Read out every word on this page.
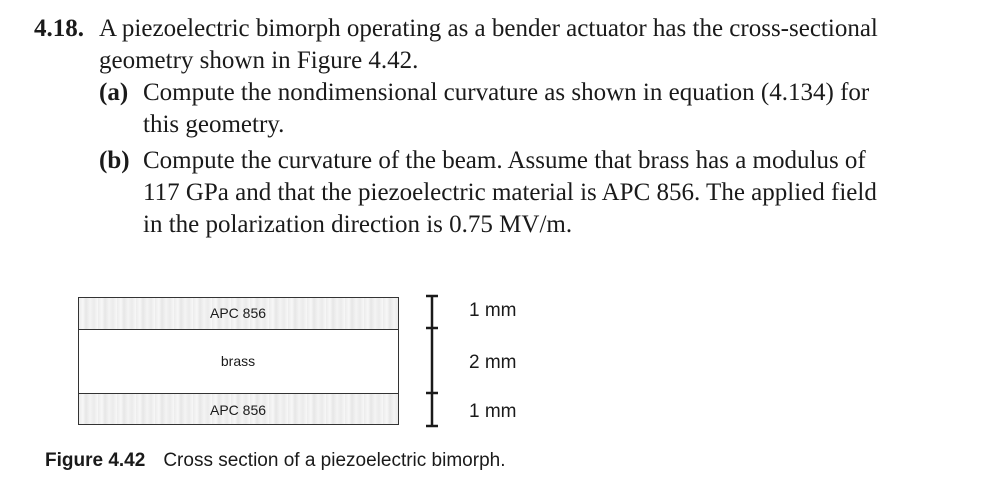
4.18. A piezoelectric bimorph operating as a bender actuator has the cross-sectional
geometry shown in Figure 4.42.
(a) Compute the nondimensional curvature as shown in equation (4.134) for
this geometry.
(b) Compute the curvature of the beam. Assume that brass has a modulus of
117 GPa and that the piezoelectric material is APC 856. The applied field
in the polarization direction is 0.75 MV/m.
APC 856
brass
APC 856
1 mm
2 mm
1 mm
Figure 4.42 Cross section of a piezoelectric bimorph.
